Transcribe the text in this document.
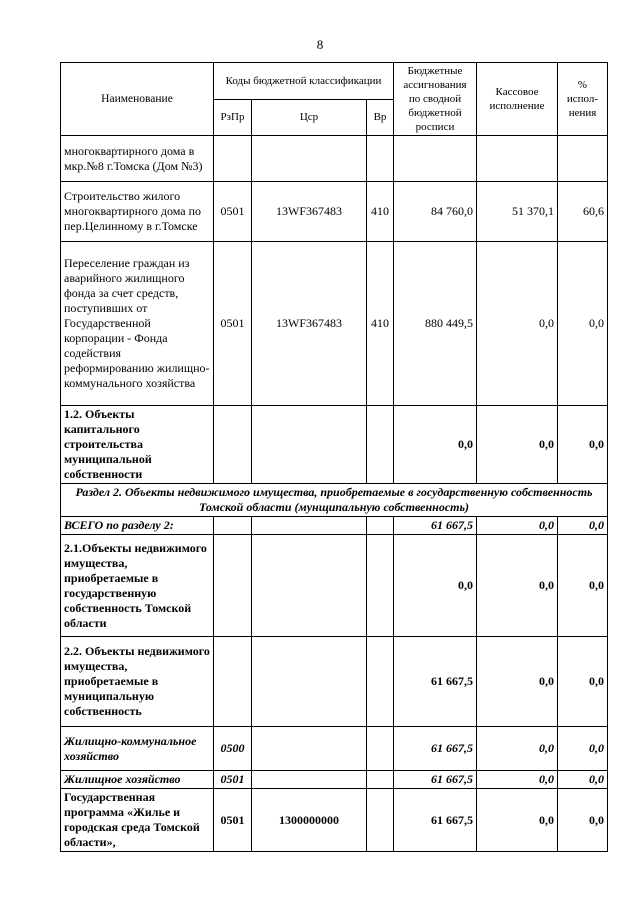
8
Наименование	Коды бюджетной классификации			Бюджетные ассигнования по сводной бюджетной росписи	Кассовое исполнение	% испол-нения
	РзПр	Цср	Вр			
многоквартирного дома в мкр.№8 г.Томска (Дом №3)						
Строительство жилого многоквартирного дома по пер.Целинному в г.Томске	0501	13WF367483	410	84 760,0	51 370,1	60,6
Переселение граждан из аварийного жилищного фонда за счет средств, поступивших от Государственной корпорации - Фонда содействия реформированию жилищно-коммунального хозяйства	0501	13WF367483	410	880 449,5	0,0	0,0
1.2. Объекты капитального строительства муниципальной собственности				0,0	0,0	0,0
Раздел 2. Объекты недвижимого имущества, приобретаемые в государственную собственность Томской области (мунщипальную собственность)						
ВСЕГО по разделу 2:				61 667,5	0,0	0,0
2.1.Объекты недвижимого имущества, приобретаемые в государственную собственность Томской области				0,0	0,0	0,0
2.2. Объекты недвижимого имущества, приобретаемые в муниципальную собственность				61 667,5	0,0	0,0
Жилищно-коммунальное хозяйство	0500			61 667,5	0,0	0,0
Жилищное хозяйство	0501			61 667,5	0,0	0,0
Государственная программа «Жилье и городская среда Томской области»,	0501	1300000000		61 667,5	0,0	0,0
